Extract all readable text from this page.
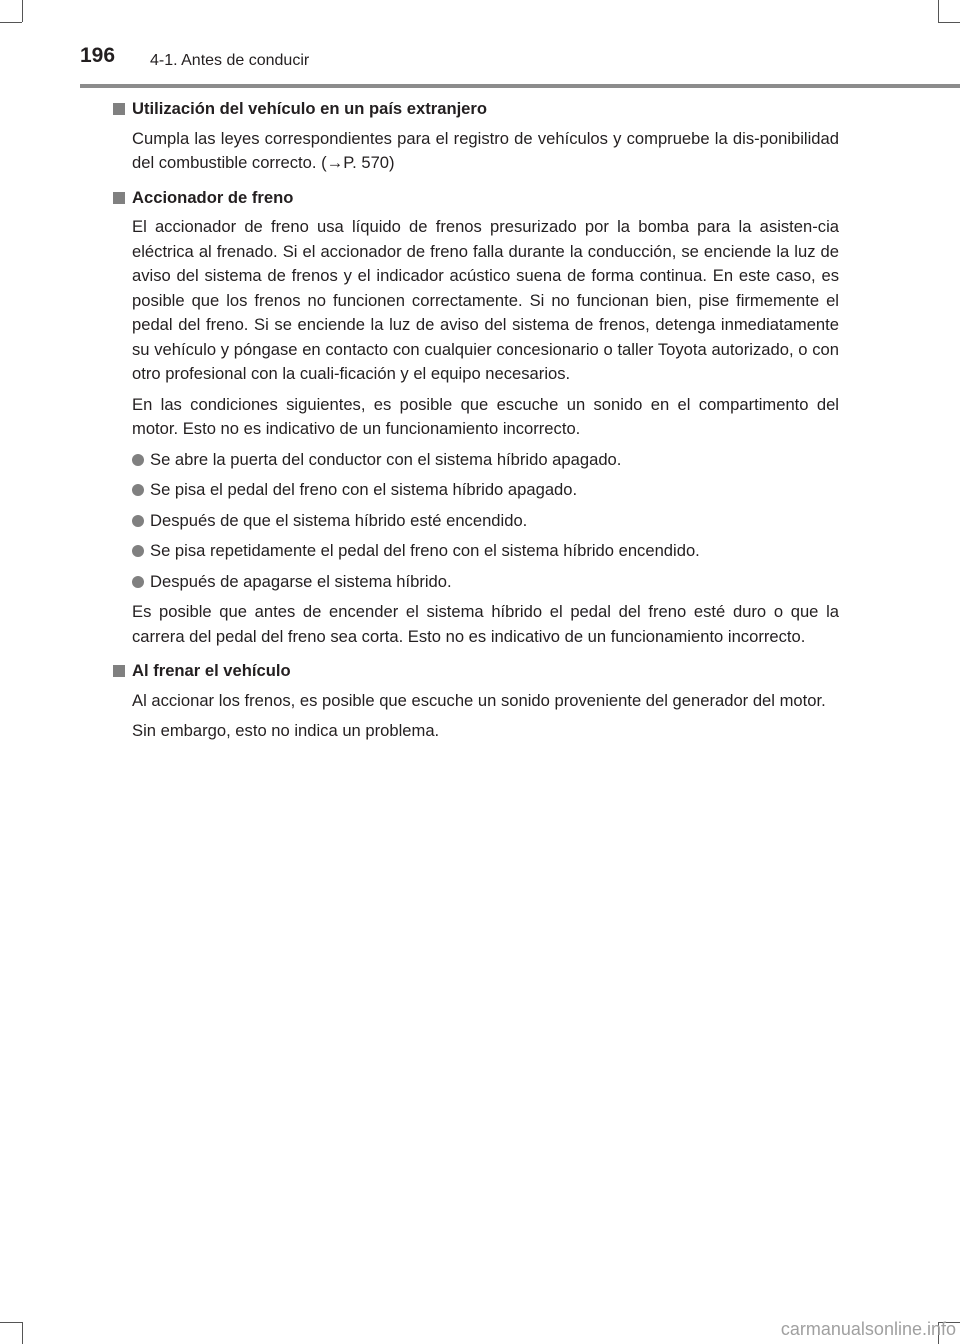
196 4-1. Antes de conducir
Utilización del vehículo en un país extranjero

Cumpla las leyes correspondientes para el registro de vehículos y compruebe la dis-ponibilidad del combustible correcto. (→P. 570)

Accionador de freno

El accionador de freno usa líquido de frenos presurizado por la bomba para la asisten-cia eléctrica al frenado. Si el accionador de freno falla durante la conducción, se enciende la luz de aviso del sistema de frenos y el indicador acústico suena de forma continua. En este caso, es posible que los frenos no funcionen correctamente. Si no funcionan bien, pise firmemente el pedal del freno. Si se enciende la luz de aviso del sistema de frenos, detenga inmediatamente su vehículo y póngase en contacto con cualquier concesionario o taller Toyota autorizado, o con otro profesional con la cuali-ficación y el equipo necesarios.

En las condiciones siguientes, es posible que escuche un sonido en el compartimento del motor. Esto no es indicativo de un funcionamiento incorrecto.

Se abre la puerta del conductor con el sistema híbrido apagado.
Se pisa el pedal del freno con el sistema híbrido apagado.
Después de que el sistema híbrido esté encendido.
Se pisa repetidamente el pedal del freno con el sistema híbrido encendido.
Después de apagarse el sistema híbrido.

Es posible que antes de encender el sistema híbrido el pedal del freno esté duro o que la carrera del pedal del freno sea corta. Esto no es indicativo de un funcionamiento incorrecto.

Al frenar el vehículo

Al accionar los frenos, es posible que escuche un sonido proveniente del generador del motor.

Sin embargo, esto no indica un problema.

carmanualsonline.info
